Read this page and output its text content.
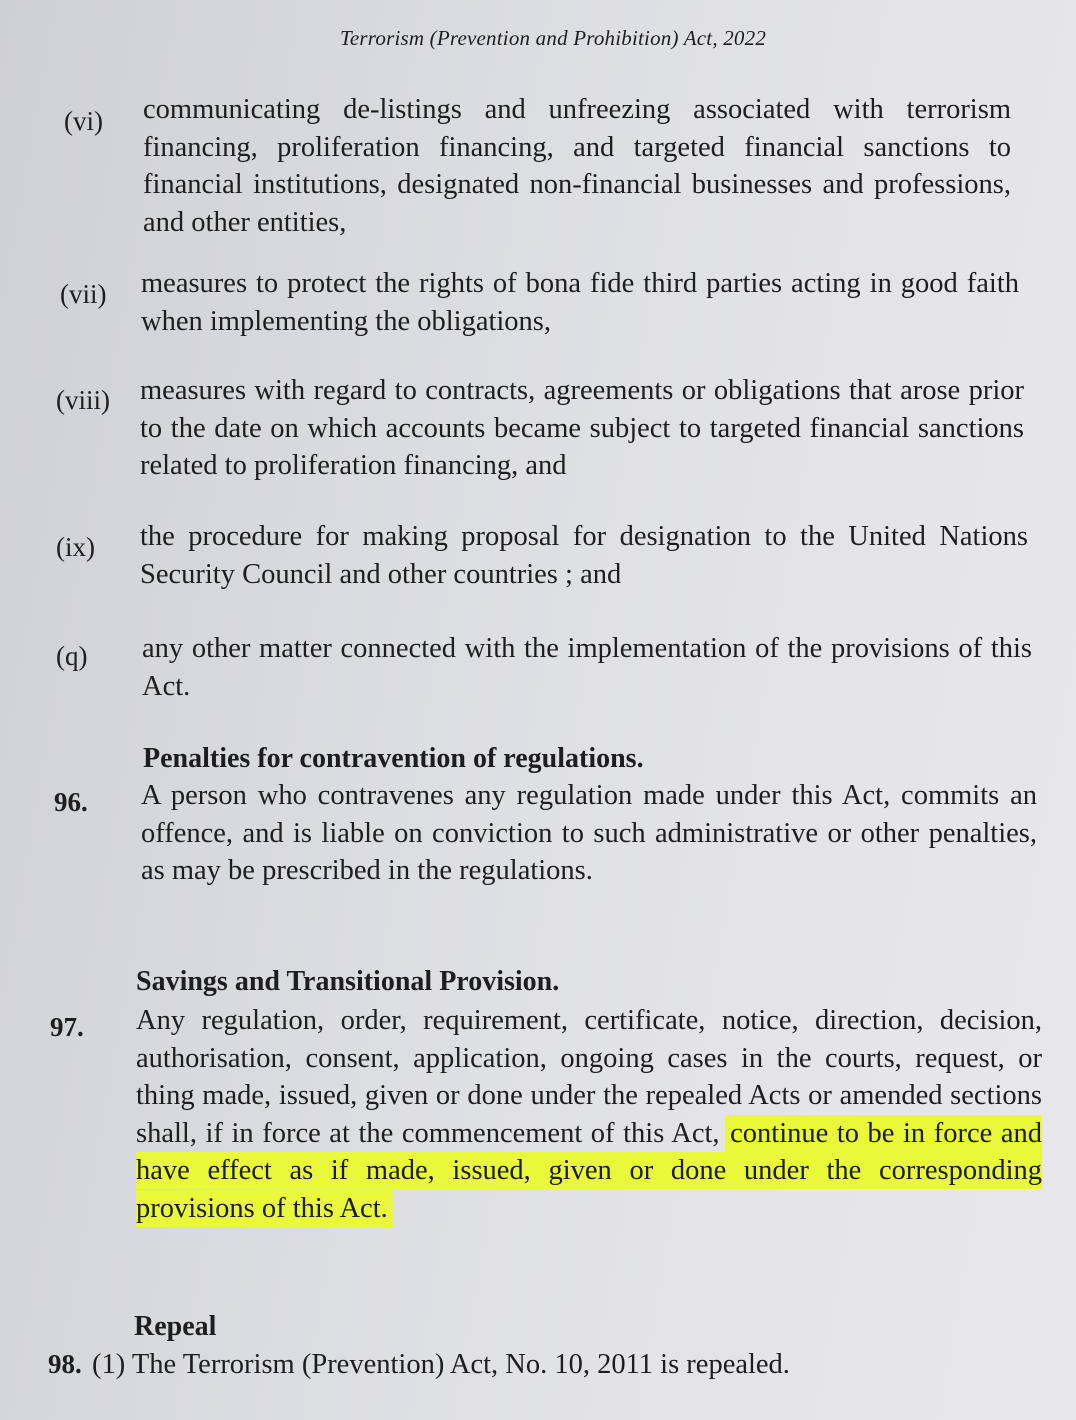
Terrorism (Prevention and Prohibition) Act, 2022
(vi) communicating de-listings and unfreezing associated with terrorism financing, proliferation financing, and targeted financial sanctions to financial institutions, designated non-financial businesses and professions, and other entities,
(vii) measures to protect the rights of bona fide third parties acting in good faith when implementing the obligations,
(viii) measures with regard to contracts, agreements or obligations that arose prior to the date on which accounts became subject to targeted financial sanctions related to proliferation financing, and
(ix) the procedure for making proposal for designation to the United Nations Security Council and other countries ; and
(q) any other matter connected with the implementation of the provisions of this Act.
Penalties for contravention of regulations.
96. A person who contravenes any regulation made under this Act, commits an offence, and is liable on conviction to such administrative or other penalties, as may be prescribed in the regulations.
Savings and Transitional Provision.
97. Any regulation, order, requirement, certificate, notice, direction, decision, authorisation, consent, application, ongoing cases in the courts, request, or thing made, issued, given or done under the repealed Acts or amended sections shall, if in force at the commencement of this Act, continue to be in force and have effect as if made, issued, given or done under the corresponding provisions of this Act.
Repeal
98. (1) The Terrorism (Prevention) Act, No. 10, 2011 is repealed.
